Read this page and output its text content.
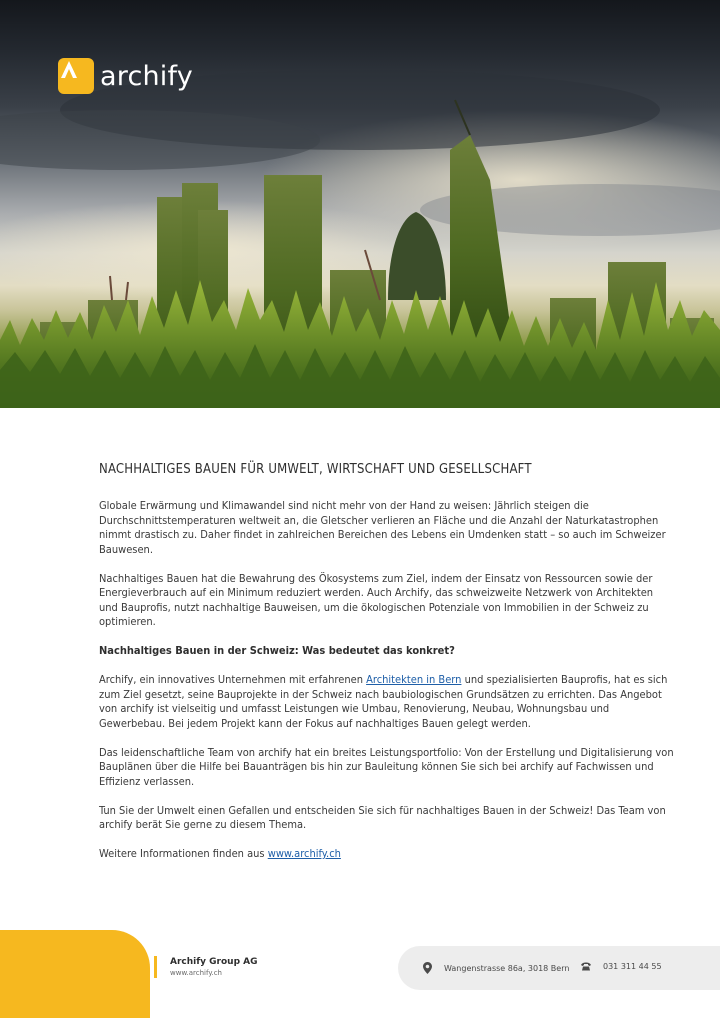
archify
NACHHALTIGES BAUEN FÜR UMWELT, WIRTSCHAFT UND GESELLSCHAFT

Globale Erwärmung und Klimawandel sind nicht mehr von der Hand zu weisen: Jährlich steigen die Durchschnittstemperaturen weltweit an, die Gletscher verlieren an Fläche und die Anzahl der Naturkatastrophen nimmt drastisch zu. Daher findet in zahlreichen Bereichen des Lebens ein Umdenken statt – so auch im Schweizer Bauwesen.

Nachhaltiges Bauen hat die Bewahrung des Ökosystems zum Ziel, indem der Einsatz von Ressourcen sowie der Energieverbrauch auf ein Minimum reduziert werden. Auch Archify, das schweizweite Netzwerk von Architekten und Bauprofis, nutzt nachhaltige Bauweisen, um die ökologischen Potenziale von Immobilien in der Schweiz zu optimieren.

Nachhaltiges Bauen in der Schweiz: Was bedeutet das konkret?

Archify, ein innovatives Unternehmen mit erfahrenen Architekten in Bern und spezialisierten Bauprofis, hat es sich zum Ziel gesetzt, seine Bauprojekte in der Schweiz nach baubiologischen Grundsätzen zu errichten. Das Angebot von archify ist vielseitig und umfasst Leistungen wie Umbau, Renovierung, Neubau, Wohnungsbau und Gewerbebau. Bei jedem Projekt kann der Fokus auf nachhaltiges Bauen gelegt werden.

Das leidenschaftliche Team von archify hat ein breites Leistungsportfolio: Von der Erstellung und Digitalisierung von Bauplänen über die Hilfe bei Bauanträgen bis hin zur Bauleitung können Sie sich bei archify auf Fachwissen und Effizienz verlassen.

Tun Sie der Umwelt einen Gefallen und entscheiden Sie sich für nachhaltiges Bauen in der Schweiz! Das Team von archify berät Sie gerne zu diesem Thema.

Weitere Informationen finden aus www.archify.ch

Archify Group AG
www.archify.ch
Wangenstrasse 86a, 3018 Bern	031 311 44 55
